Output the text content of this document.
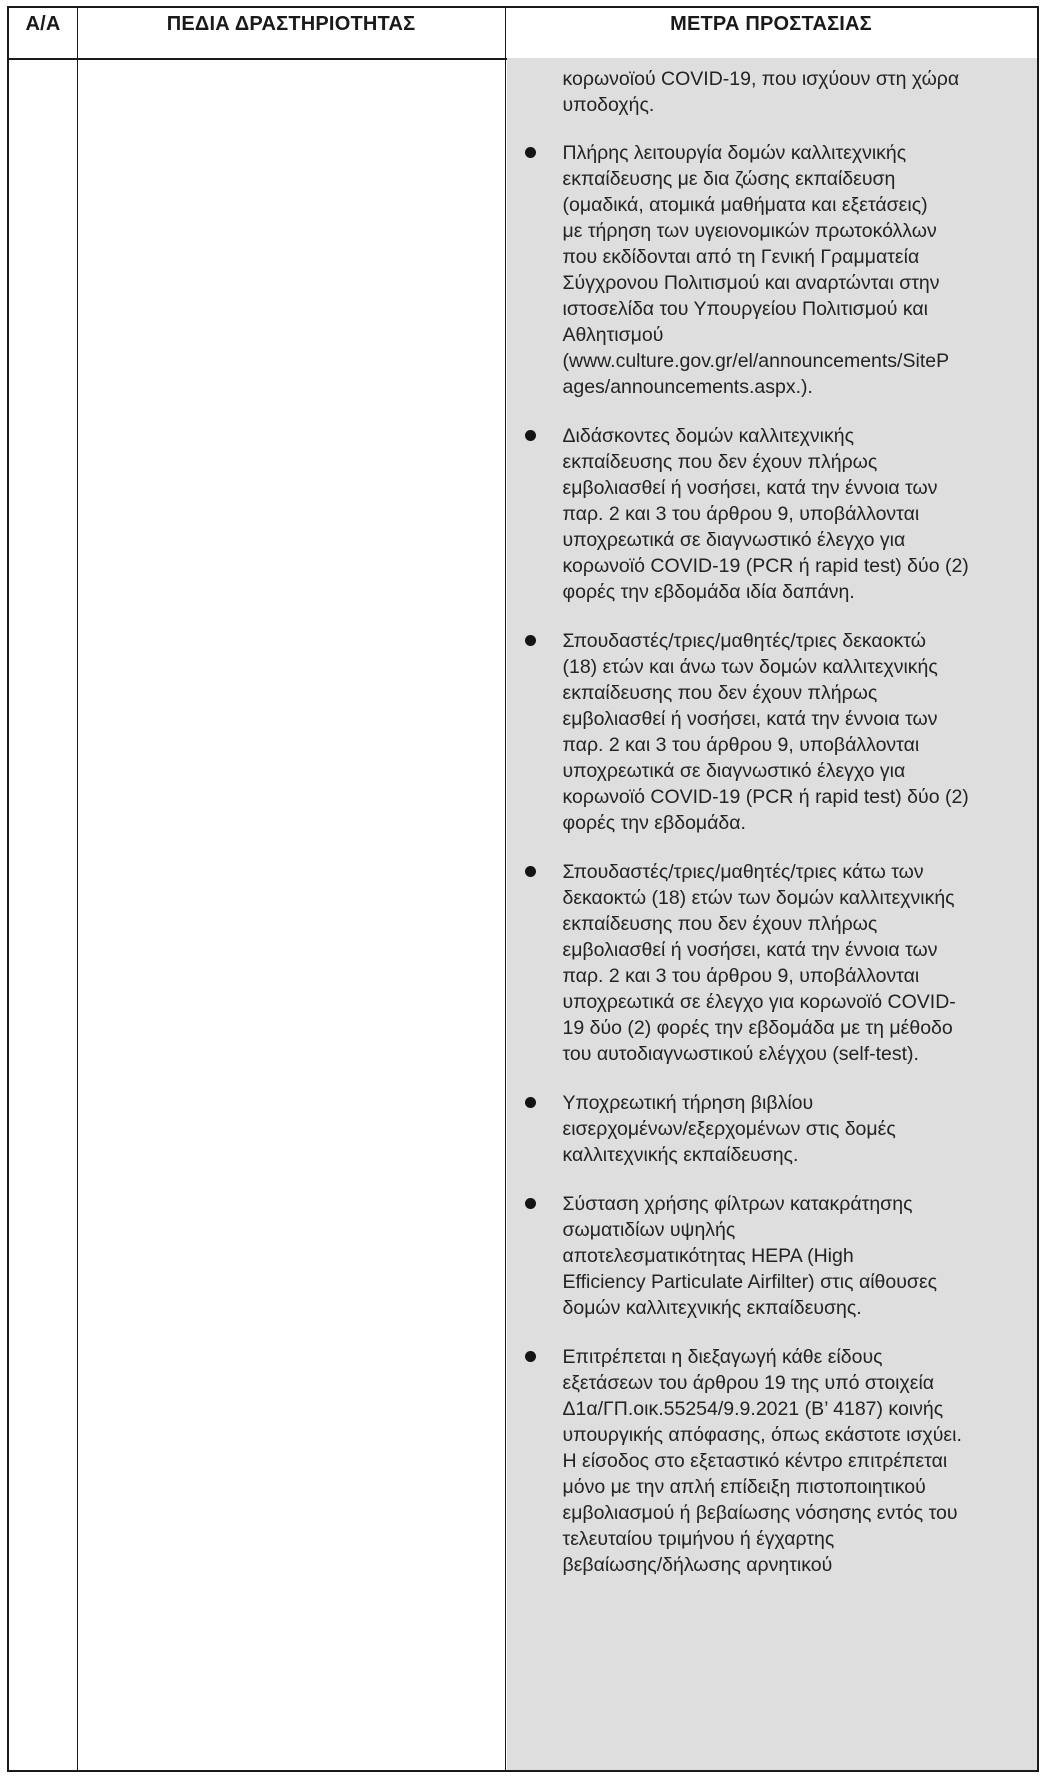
Α/Α	ΠΕΔΙΑ ΔΡΑΣΤΗΡΙΟΤΗΤΑΣ	ΜΕΤΡΑ ΠΡΟΣΤΑΣΙΑΣ

κορωνοϊού COVID-19, που ισχύουν στη χώρα
υποδοχής.

Πλήρης λειτουργία δομών καλλιτεχνικής
εκπαίδευσης με δια ζώσης εκπαίδευση
(ομαδικά, ατομικά μαθήματα και εξετάσεις)
με τήρηση των υγειονομικών πρωτοκόλλων
που εκδίδονται από τη Γενική Γραμματεία
Σύγχρονου Πολιτισμού και αναρτώνται στην
ιστοσελίδα του Υπουργείου Πολιτισμού και
Αθλητισμού
(www.culture.gov.gr/el/announcements/SiteP
ages/announcements.aspx.).
Διδάσκοντες δομών καλλιτεχνικής
εκπαίδευσης που δεν έχουν πλήρως
εμβολιασθεί ή νοσήσει, κατά την έννοια των
παρ. 2 και 3 του άρθρου 9, υποβάλλονται
υποχρεωτικά σε διαγνωστικό έλεγχο για
κορωνοϊό COVID-19 (PCR ή rapid test) δύο (2)
φορές την εβδομάδα ιδία δαπάνη.
Σπουδαστές/τριες/μαθητές/τριες δεκαοκτώ
(18) ετών και άνω των δομών καλλιτεχνικής
εκπαίδευσης που δεν έχουν πλήρως
εμβολιασθεί ή νοσήσει, κατά την έννοια των
παρ. 2 και 3 του άρθρου 9, υποβάλλονται
υποχρεωτικά σε διαγνωστικό έλεγχο για
κορωνοϊό COVID-19 (PCR ή rapid test) δύο (2)
φορές την εβδομάδα.
Σπουδαστές/τριες/μαθητές/τριες κάτω των
δεκαοκτώ (18) ετών των δομών καλλιτεχνικής
εκπαίδευσης που δεν έχουν πλήρως
εμβολιασθεί ή νοσήσει, κατά την έννοια των
παρ. 2 και 3 του άρθρου 9, υποβάλλονται
υποχρεωτικά σε έλεγχο για κορωνοϊό COVID-
19 δύο (2) φορές την εβδομάδα με τη μέθοδο
του αυτοδιαγνωστικού ελέγχου (self-test).
Υποχρεωτική τήρηση βιβλίου
εισερχομένων/εξερχομένων στις δομές
καλλιτεχνικής εκπαίδευσης.
Σύσταση χρήσης φίλτρων κατακράτησης
σωματιδίων υψηλής
αποτελεσματικότητας HEPA (High
Efficiency Particulate Airfilter) στις αίθουσες
δομών καλλιτεχνικής εκπαίδευσης.
Επιτρέπεται η διεξαγωγή κάθε είδους
εξετάσεων του άρθρου 19 της υπό στοιχεία
Δ1α/ΓΠ.οικ.55254/9.9.2021 (Β’ 4187) κοινής
υπουργικής απόφασης, όπως εκάστοτε ισχύει.
Η είσοδος στο εξεταστικό κέντρο επιτρέπεται
μόνο με την απλή επίδειξη πιστοποιητικού
εμβολιασμού ή βεβαίωσης νόσησης εντός του
τελευταίου τριμήνου ή έγχαρτης
βεβαίωσης/δήλωσης αρνητικού
